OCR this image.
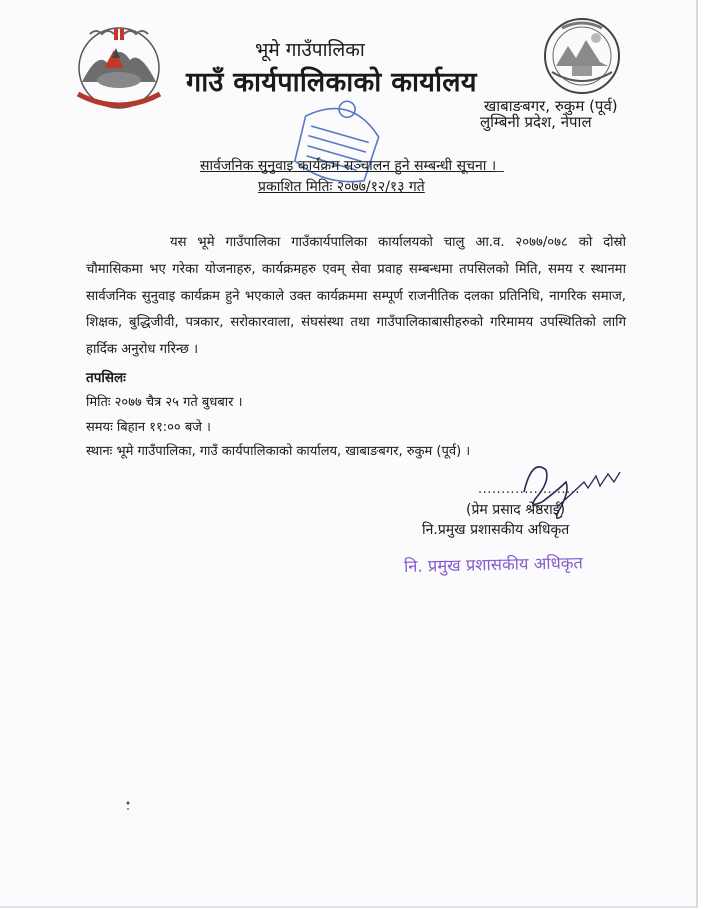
भूमे गाउँपालिका
गाउँ कार्यपालिकाको कार्यालय
खाबाङबगर, रुकुम (पूर्व)
लुम्बिनी प्रदेश, नेपाल
सार्वजनिक सुनुवाइ कार्यक्रम सञ्चालन हुने सम्बन्धी सूचना ।
प्रकाशित मितिः २०७७/१२/१३ गते

यस भूमे गाउँपालिका गाउँकार्यपालिका कार्यालयको चालु आ.व. २०७७/०७८ को दोस्रो चौमासिकमा भए गरेका योजनाहरु, कार्यक्रमहरु एवम् सेवा प्रवाह सम्बन्धमा तपसिलको मिति, समय र स्थानमा सार्वजनिक सुनुवाइ कार्यक्रम हुने भएकाले उक्त कार्यक्रममा सम्पूर्ण राजनीतिक दलका प्रतिनिधि, नागरिक समाज, शिक्षक, बुद्धिजीवी, पत्रकार, सरोकारवाला, संघसंस्था तथा गाउँपालिकाबासीहरुको गरिमामय उपस्थितिको लागि हार्दिक अनुरोध गरिन्छ ।

तपसिलः
मितिः २०७७ चैत्र २५ गते बुधबार ।
समयः बिहान ११:०० बजे ।
स्थानः भूमे गाउँपालिका, गाउँ कार्यपालिकाको कार्यालय, खाबाङबगर, रुकुम (पूर्व) ।
......................
(प्रेम प्रसाद श्रेष्ठराई)
नि.प्रमुख प्रशासकीय अधिकृत
नि. प्रमुख प्रशासकीय अधिकृत
